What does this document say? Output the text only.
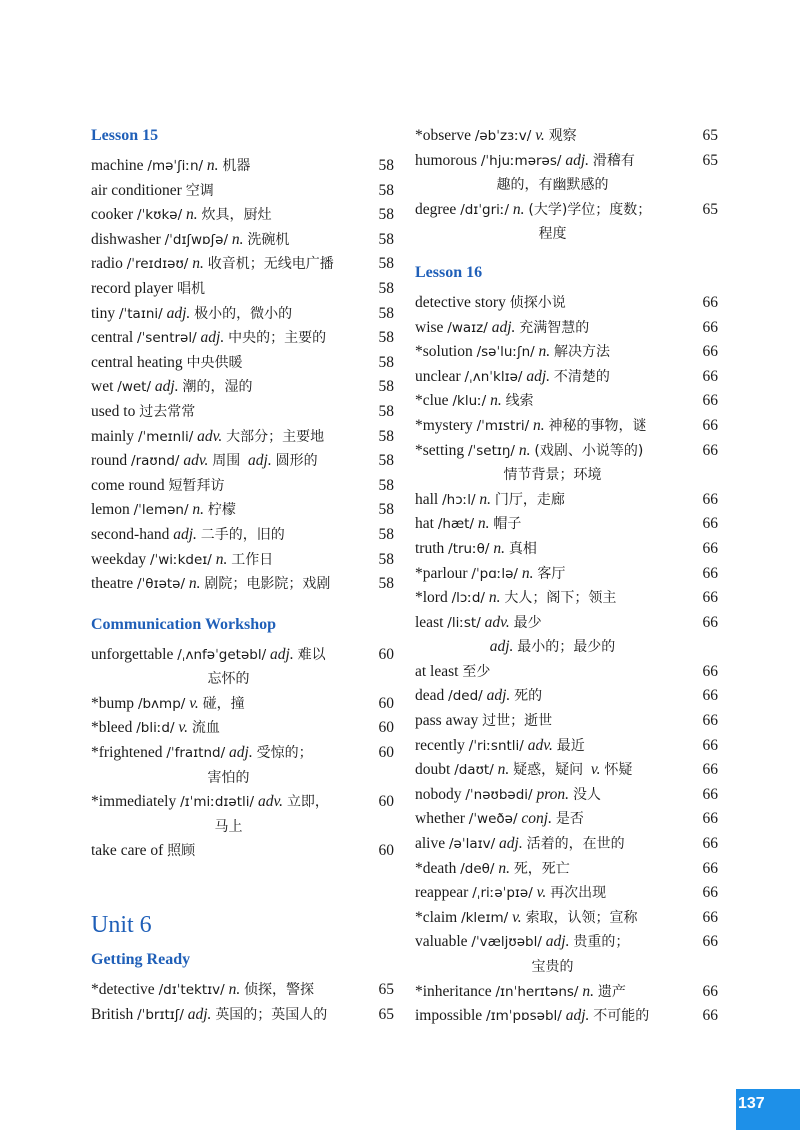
Lesson 15
machine /məˈʃiːn/ n. 机器	58
air conditioner 空调	58
cooker /ˈkʊkə/ n. 炊具，厨灶	58
dishwasher /ˈdɪʃwɒʃə/ n. 洗碗机	58
radio /ˈreɪdɪəʊ/ n. 收音机；无线电广播	58
record player 唱机	58
tiny /ˈtaɪni/ adj. 极小的，微小的	58
central /ˈsentrəl/ adj. 中央的；主要的	58
central heating 中央供暖	58
wet /wet/ adj. 潮的，湿的	58
used to 过去常常	58
mainly /ˈmeɪnli/ adv. 大部分；主要地	58
round /raʊnd/ adv. 周围 adj. 圆形的	58
come round 短暂拜访	58
lemon /ˈlemən/ n. 柠檬	58
second-hand adj. 二手的，旧的	58
weekday /ˈwiːkdeɪ/ n. 工作日	58
theatre /ˈθɪətə/ n. 剧院；电影院；戏剧	58
Communication Workshop
unforgettable /ˌʌnfəˈgetəbl/ adj. 难以	60
忘怀的
*bump /bʌmp/ v. 碰，撞	60
*bleed /bliːd/ v. 流血	60
*frightened /ˈfraɪtnd/ adj. 受惊的；	60
害怕的
*immediately /ɪˈmiːdɪətli/ adv. 立即，	60
马上
take care of 照顾	60
Unit 6
Getting Ready
*detective /dɪˈtektɪv/ n. 侦探，警探	65
British /ˈbrɪtɪʃ/ adj. 英国的；英国人的	65
*observe /əbˈzɜːv/ v. 观察	65
humorous /ˈhjuːmərəs/ adj. 滑稽有	65
趣的，有幽默感的
degree /dɪˈgriː/ n. (大学)学位；度数；	65
程度
Lesson 16
detective story 侦探小说	66
wise /waɪz/ adj. 充满智慧的	66
*solution /səˈluːʃn/ n. 解决方法	66
unclear /ˌʌnˈklɪə/ adj. 不清楚的	66
*clue /kluː/ n. 线索	66
*mystery /ˈmɪstri/ n. 神秘的事物，谜	66
*setting /ˈsetɪŋ/ n. (戏剧、小说等的)	66
情节背景；环境
hall /hɔːl/ n. 门厅，走廊	66
hat /hæt/ n. 帽子	66
truth /truːθ/ n. 真相	66
*parlour /ˈpɑːlə/ n. 客厅	66
*lord /lɔːd/ n. 大人；阁下；领主	66
least /liːst/ adv. 最少	66
adj. 最小的；最少的
at least 至少	66
dead /ded/ adj. 死的	66
pass away 过世；逝世	66
recently /ˈriːsntli/ adv. 最近	66
doubt /daʊt/ n. 疑惑，疑问 v. 怀疑	66
nobody /ˈnəʊbədi/ pron. 没人	66
whether /ˈweðə/ conj. 是否	66
alive /əˈlaɪv/ adj. 活着的，在世的	66
*death /deθ/ n. 死，死亡	66
reappear /ˌriːəˈpɪə/ v. 再次出现	66
*claim /kleɪm/ v. 索取，认领；宣称	66
valuable /ˈvæljʊəbl/ adj. 贵重的；	66
宝贵的
*inheritance /ɪnˈherɪtəns/ n. 遗产	66
impossible /ɪmˈpɒsəbl/ adj. 不可能的	66
137
